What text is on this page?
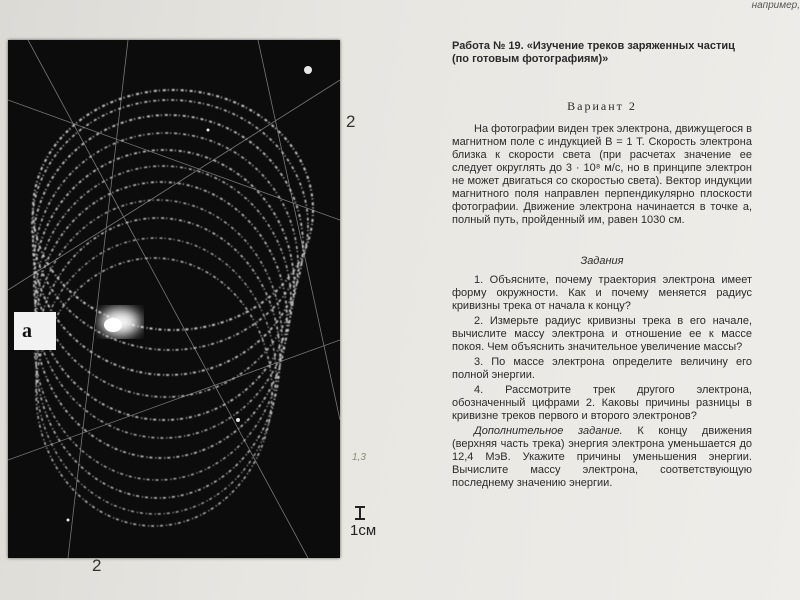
например,
а
2
2
1см
1,3

Работа № 19. «Изучение треков заряженных частиц (по готовым фотографиям)»

Вариант 2

На фотографии виден трек электрона, движущегося в магнитном поле с индукцией B = 1 Т. Скорость электрона близка к скорости света (при расчетах значение ее следует округлять до 3 · 10⁸ м/с, но в принципе электрон не может двигаться со скоростью света). Вектор индукции магнитного поля направлен перпендикулярно плоскости фотографии. Движение электрона начинается в точке а, полный путь, пройденный им, равен 1030 см.

Задания

1. Объясните, почему траектория электрона имеет форму окружности. Как и почему меняется радиус кривизны трека от начала к концу?

2. Измерьте радиус кривизны трека в его начале, вычислите массу электрона и отношение ее к массе покоя. Чем объяснить значительное увеличение массы?

3. По массе электрона определите величину его полной энергии.

4. Рассмотрите трек другого электрона, обозначенный цифрами 2. Каковы причины разницы в кривизне треков первого и второго электронов?

Дополнительное задание. К концу движения (верхняя часть трека) энергия электрона уменьшается до 12,4 МэВ. Укажите причины уменьшения энергии. Вычислите массу электрона, соответствующую последнему значению энергии.
